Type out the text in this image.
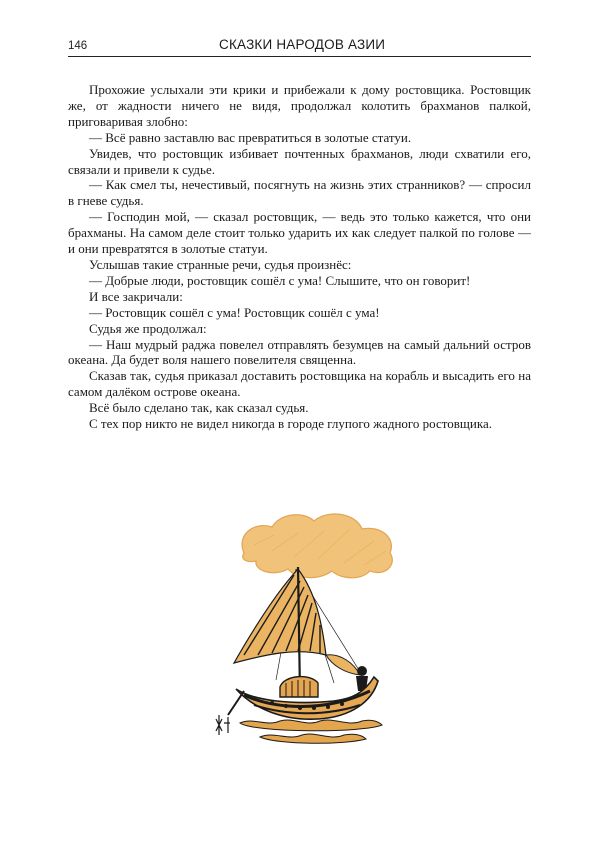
146	СКАЗКИ НАРОДОВ АЗИИ

Прохожие услыхали эти крики и прибежали к дому ростовщика. Ростовщик же, от жадности ничего не видя, продолжал колотить брахманов палкой, приговаривая злобно:

— Всё равно заставлю вас превратиться в золотые статуи.

Увидев, что ростовщик избивает почтенных брахманов, люди схватили его, связали и привели к судье.

— Как смел ты, нечестивый, посягнуть на жизнь этих странников? — спросил в гневе судья.

— Господин мой, — сказал ростовщик, — ведь это только кажется, что они брахманы. На самом деле стоит только ударить их как следует палкой по голове — и они превратятся в золотые статуи.

Услышав такие странные речи, судья произнёс:

— Добрые люди, ростовщик сошёл с ума! Слышите, что он говорит!

И все закричали:

— Ростовщик сошёл с ума! Ростовщик сошёл с ума!

Судья же продолжал:

— Наш мудрый раджа повелел отправлять безумцев на самый дальний остров океана. Да будет воля нашего повелителя священна.

Сказав так, судья приказал доставить ростовщика на корабль и высадить его на самом далёком острове океана.

Всё было сделано так, как сказал судья.

С тех пор никто не видел никогда в городе глупого жадного ростовщика.
